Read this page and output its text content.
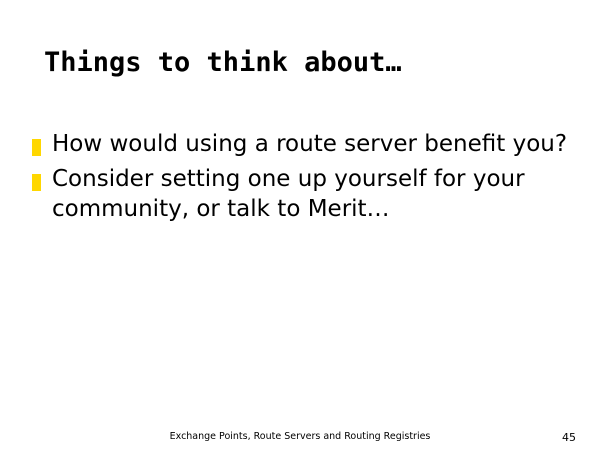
Things to think about…
How would using a route server benefit you?
Consider setting one up yourself for your community, or talk to Merit…
Exchange Points, Route Servers and Routing Registries	45
